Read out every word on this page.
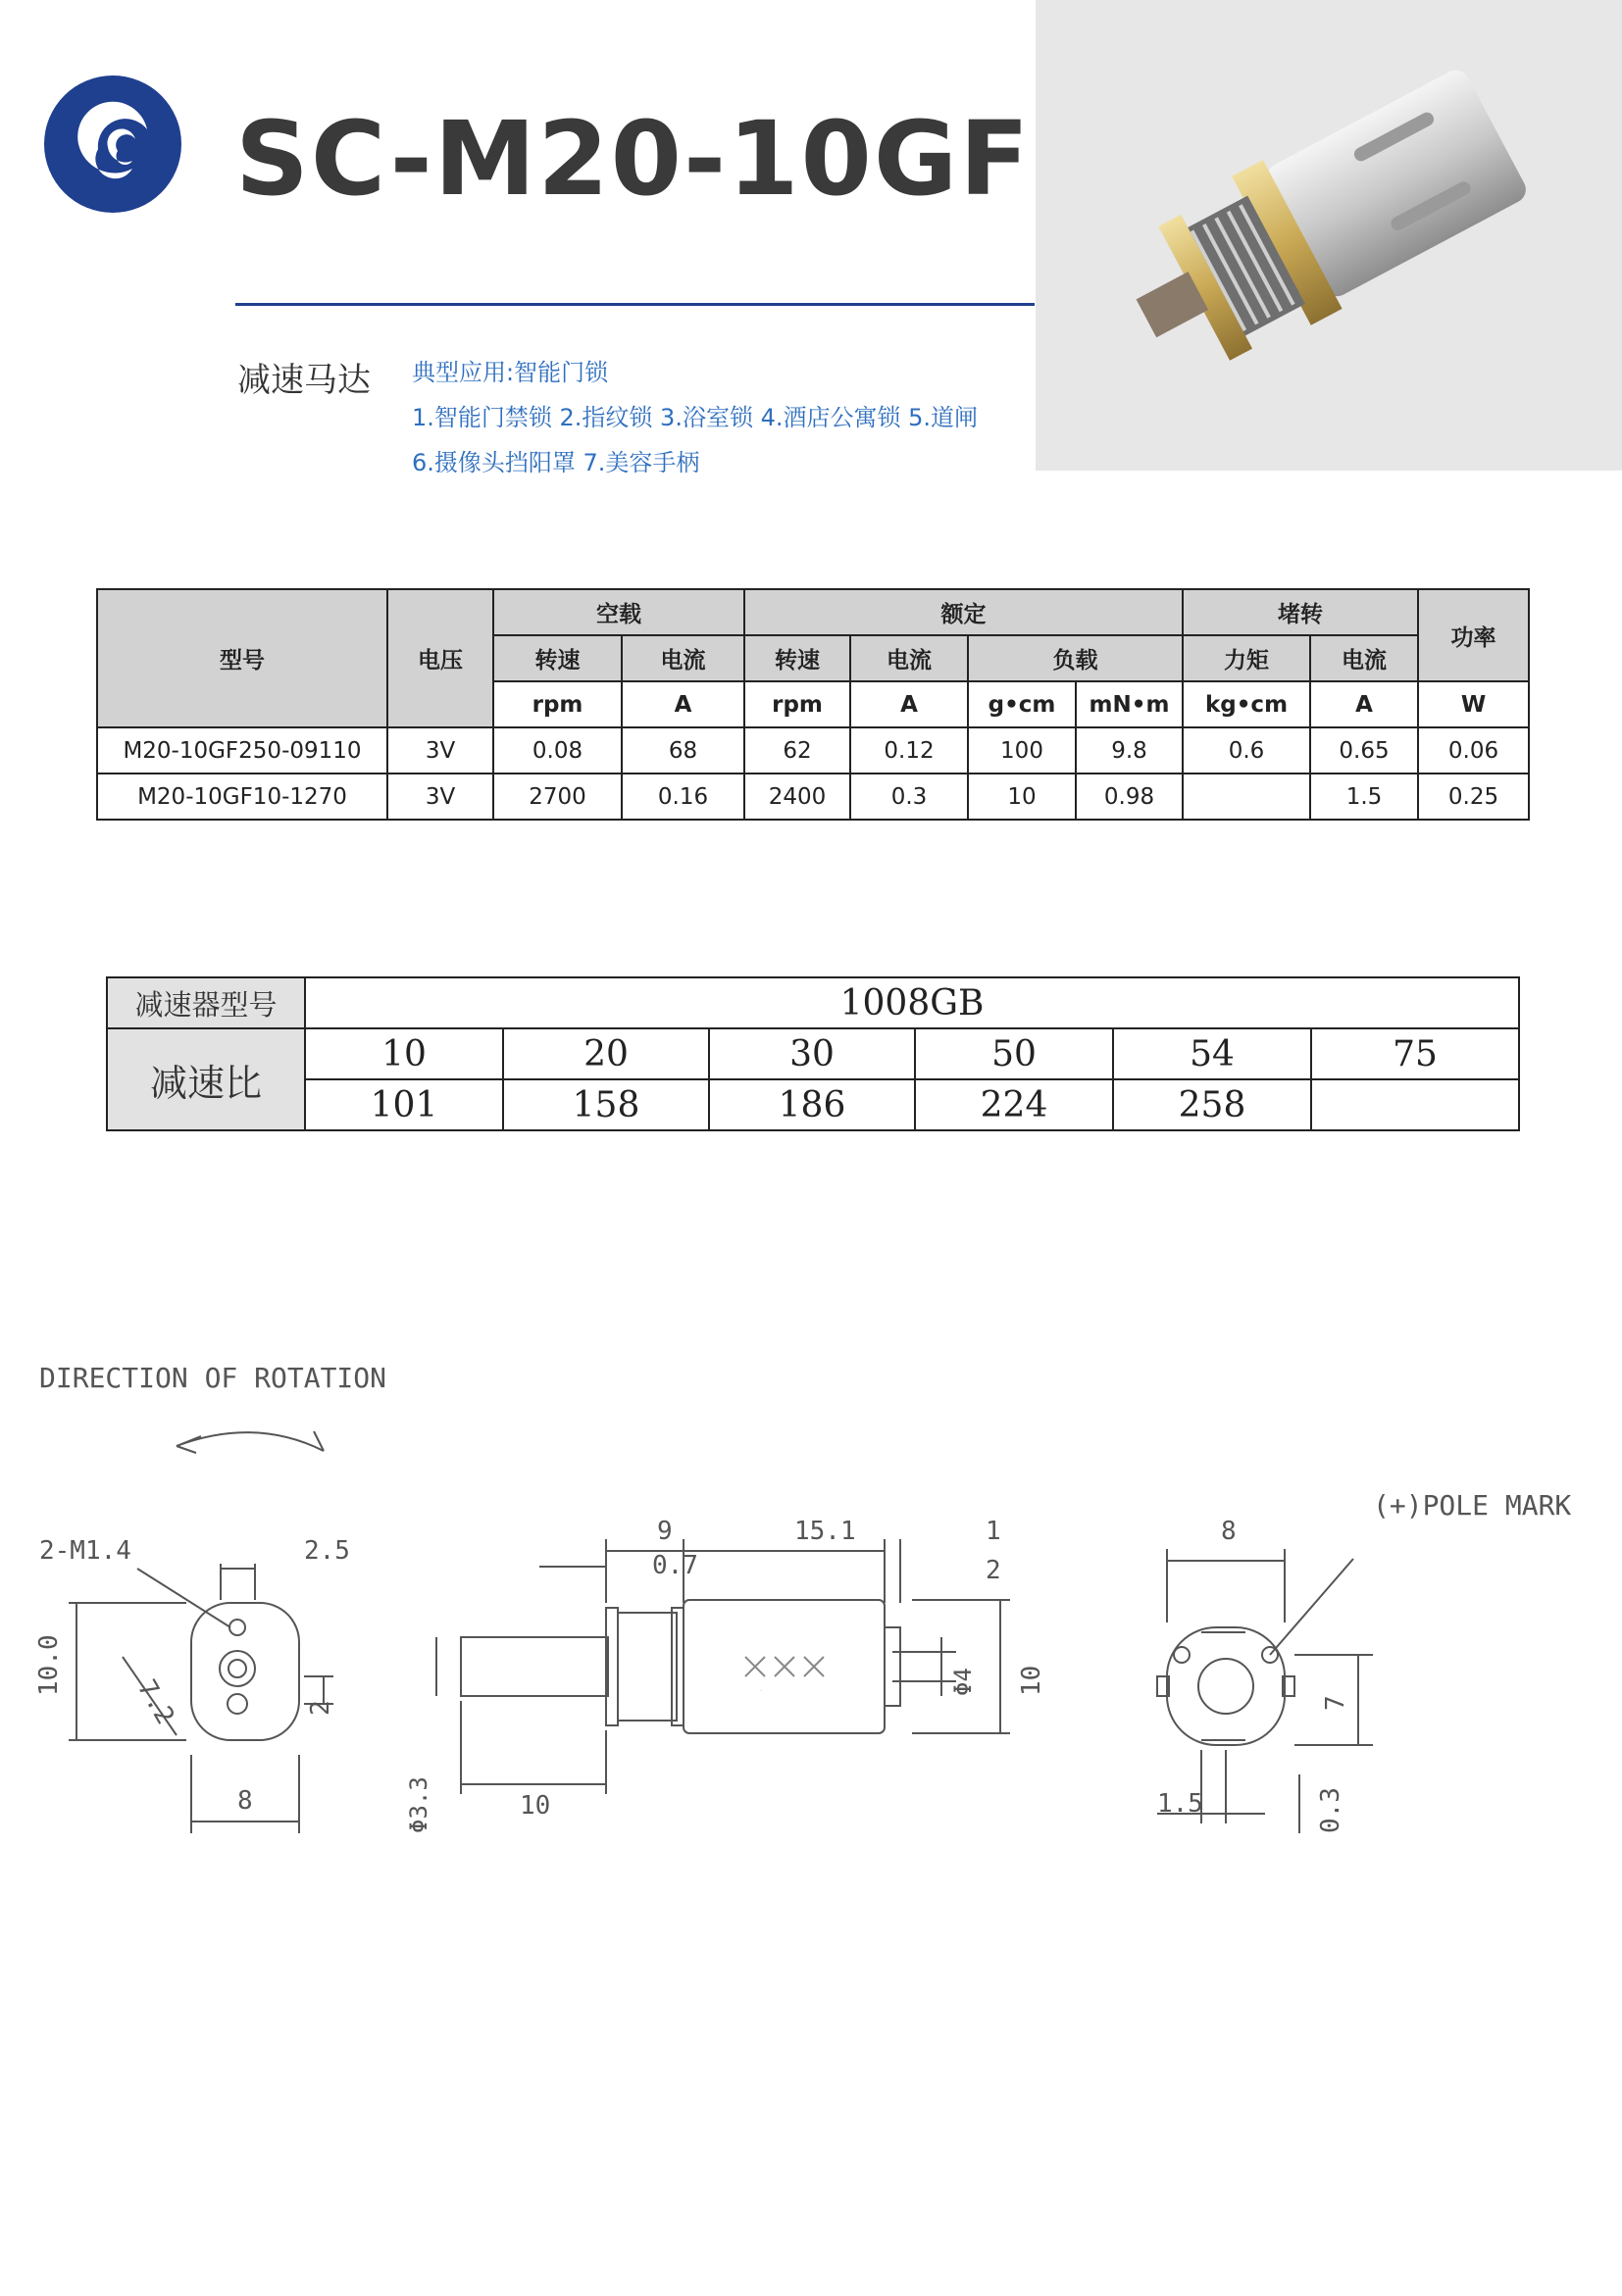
SC-M20-10GF
减速马达 典型应用:智能门锁
1.智能门禁锁 2.指纹锁 3.浴室锁 4.酒店公寓锁 5.道闸
6.摄像头挡阳罩 7.美容手柄
型号	电压	空载		额定				堵转		功率
		转速	电流	转速	电流	负载		力矩	电流	
		rpm	A	rpm	A	g•cm	mN•m	kg•cm	A	W
M20-10GF250-09110	3V	0.08	68	62	0.12	100	9.8	0.6	0.65	0.06
M20-10GF10-1270	3V	2700	0.16	2400	0.3	10	0.98		1.5	0.25
减速器型号	1008GB					
减速比	10	20	30	50	54	75
	101	158	186	224	258	
DIRECTION OF ROTATION
(+)POLE MARK
2-M1.4	2.5
10.0
7.2	2
8
9	15.1	1
0.7	2
Φ4 10
Φ3.3	10
XXX
8
7
1.5	0.3
